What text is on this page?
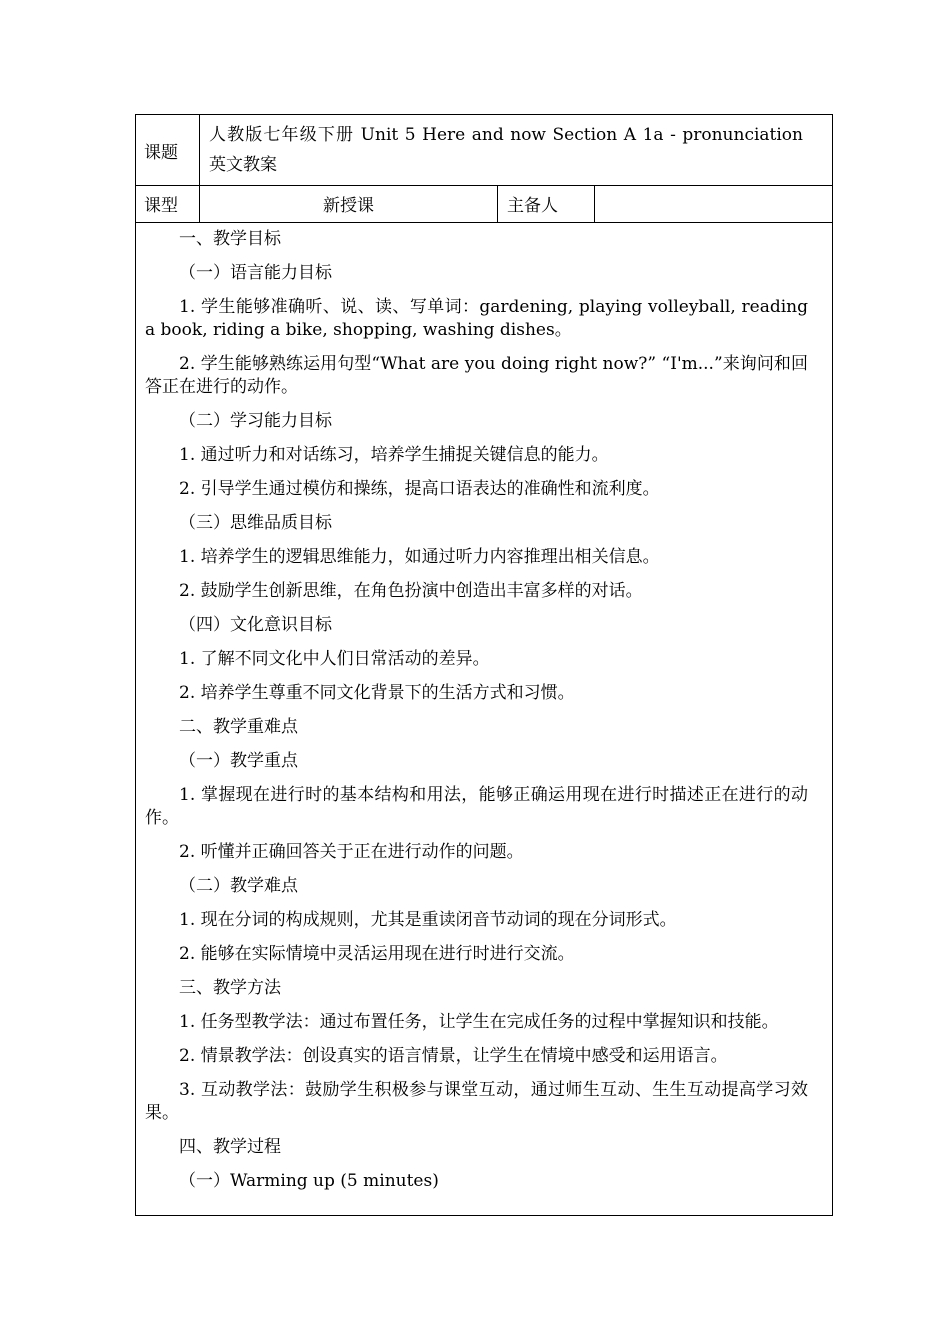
课题
人教版七年级下册 Unit 5 Here and now Section A 1a - pronunciation
英文教案
课型	新授课	主备人

一、教学目标

（一）语言能力目标

1. 学生能够准确听、说、读、写单词：gardening, playing volleyball, reading a book, riding a bike, shopping, washing dishes。

2. 学生能够熟练运用句型“What are you doing right now?” “I'm...”来询问和回答正在进行的动作。

（二）学习能力目标

1. 通过听力和对话练习，培养学生捕捉关键信息的能力。

2. 引导学生通过模仿和操练，提高口语表达的准确性和流利度。

（三）思维品质目标

1. 培养学生的逻辑思维能力，如通过听力内容推理出相关信息。

2. 鼓励学生创新思维，在角色扮演中创造出丰富多样的对话。

（四）文化意识目标

1. 了解不同文化中人们日常活动的差异。

2. 培养学生尊重不同文化背景下的生活方式和习惯。

二、教学重难点

（一）教学重点

1. 掌握现在进行时的基本结构和用法，能够正确运用现在进行时描述正在进行的动作。

2. 听懂并正确回答关于正在进行动作的问题。

（二）教学难点

1. 现在分词的构成规则，尤其是重读闭音节动词的现在分词形式。

2. 能够在实际情境中灵活运用现在进行时进行交流。

三、教学方法

1. 任务型教学法：通过布置任务，让学生在完成任务的过程中掌握知识和技能。

2. 情景教学法：创设真实的语言情景，让学生在情境中感受和运用语言。

3. 互动教学法：鼓励学生积极参与课堂互动，通过师生互动、生生互动提高学习效果。

四、教学过程

（一）Warming up (5 minutes)
